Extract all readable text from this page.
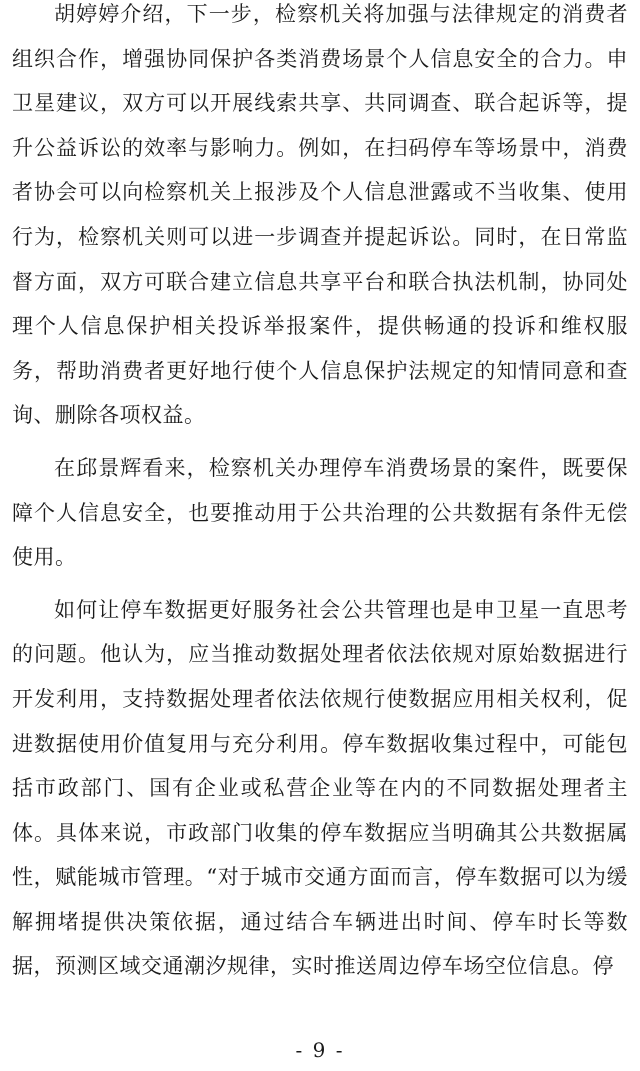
胡婷婷介绍，下一步，检察机关将加强与法律规定的消费者组织合作，增强协同保护各类消费场景个人信息安全的合力。申卫星建议，双方可以开展线索共享、共同调查、联合起诉等，提升公益诉讼的效率与影响力。例如，在扫码停车等场景中，消费者协会可以向检察机关上报涉及个人信息泄露或不当收集、使用行为，检察机关则可以进一步调查并提起诉讼。同时，在日常监督方面，双方可联合建立信息共享平台和联合执法机制，协同处理个人信息保护相关投诉举报案件，提供畅通的投诉和维权服务，帮助消费者更好地行使个人信息保护法规定的知情同意和查询、删除各项权益。

在邱景辉看来，检察机关办理停车消费场景的案件，既要保障个人信息安全，也要推动用于公共治理的公共数据有条件无偿使用。

如何让停车数据更好服务社会公共管理也是申卫星一直思考的问题。他认为，应当推动数据处理者依法依规对原始数据进行开发利用，支持数据处理者依法依规行使数据应用相关权利，促进数据使用价值复用与充分利用。停车数据收集过程中，可能包括市政部门、国有企业或私营企业等在内的不同数据处理者主体。具体来说，市政部门收集的停车数据应当明确其公共数据属性，赋能城市管理。“对于城市交通方面而言，停车数据可以为缓解拥堵提供决策依据，通过结合车辆进出时间、停车时长等数据，预测区域交通潮汐规律，实时推送周边停车场空位信息。停

- 9 -
